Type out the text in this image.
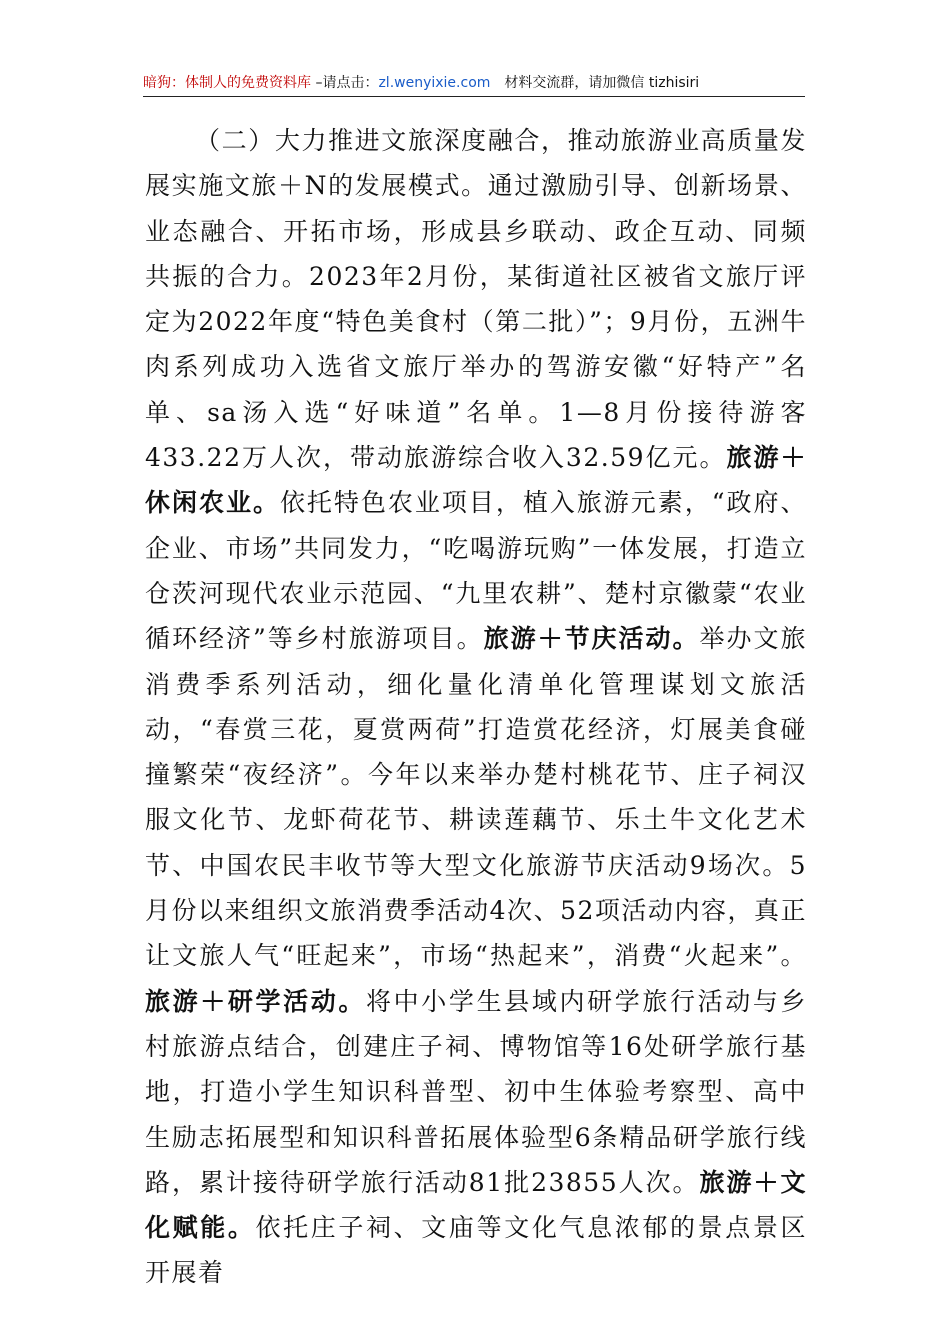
暗狗：体制人的免费资料库 –请点击：zl.wenyixie.com 材料交流群，请加微信 tizhisiri

（二）大力推进文旅深度融合，推动旅游业高质量发展实施文旅＋N的发展模式。通过激励引导、创新场景、业态融合、开拓市场，形成县乡联动、政企互动、同频共振的合力。2023年2月份，某街道社区被省文旅厅评定为2022年度“特色美食村（第二批）”；9月份，五洲牛肉系列成功入选省文旅厅举办的驾游安徽“好特产”名单、sa汤入选“好味道”名单。1—8月份接待游客433.22万人次，带动旅游综合收入32.59亿元。旅游＋休闲农业。依托特色农业项目，植入旅游元素，“政府、企业、市场”共同发力，“吃喝游玩购”一体发展，打造立仓茨河现代农业示范园、“九里农耕”、楚村京徽蒙“农业循环经济”等乡村旅游项目。旅游＋节庆活动。举办文旅消费季系列活动，细化量化清单化管理谋划文旅活动，“春赏三花，夏赏两荷”打造赏花经济，灯展美食碰撞繁荣“夜经济”。今年以来举办楚村桃花节、庄子祠汉服文化节、龙虾荷花节、耕读莲藕节、乐土牛文化艺术节、中国农民丰收节等大型文化旅游节庆活动9场次。5月份以来组织文旅消费季活动4次、52项活动内容，真正让文旅人气“旺起来”，市场“热起来”，消费“火起来”。旅游＋研学活动。将中小学生县域内研学旅行活动与乡村旅游点结合，创建庄子祠、博物馆等16处研学旅行基地，打造小学生知识科普型、初中生体验考察型、高中生励志拓展型和知识科普拓展体验型6条精品研学旅行线路，累计接待研学旅行活动81批23855人次。旅游＋文化赋能。依托庄子祠、文庙等文化气息浓郁的景点景区开展着
